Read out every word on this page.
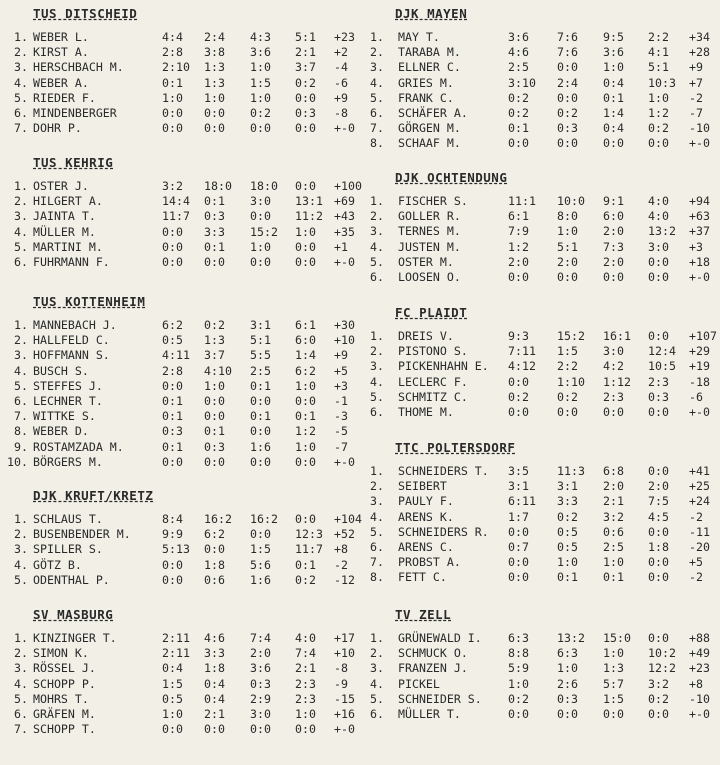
TUS DITSCHEID
1. WEBER L.	4:4 2:4 4:3 5:1 +23
2. KIRST A.	2:8 3:8 3:6 2:1 +2
3. HERSCHBACH M.	2:10 1:3 1:0 3:7 -4
4. WEBER A.	0:1 1:3 1:5 0:2 -6
5. RIEDER F.	1:0 1:0 1:0 0:0 +9
6. MINDENBERGER	0:0 0:0 0:2 0:3 -8
7. DOHR P.	0:0 0:0 0:0 0:0 +-0
TUS KEHRIG
1. OSTER J.	3:2 18:0 18:0 0:0 +100
2. HILGERT A.	14:4 0:1 3:0 13:1 +69
3. JAINTA T.	11:7 0:3 0:0 11:2 +43
4. MÜLLER M.	0:0 3:3 15:2 1:0 +35
5. MARTINI M.	0:0 0:1 1:0 0:0 +1
6. FUHRMANN F.	0:0 0:0 0:0 0:0 +-0
TUS KOTTENHEIM
1. MANNEBACH J.	6:2 0:2 3:1 6:1 +30
2. HALLFELD C.	0:5 1:3 5:1 6:0 +10
3. HOFFMANN S.	4:11 3:7 5:5 1:4 +9
4. BUSCH S.	2:8 4:10 2:5 6:2 +5
5. STEFFES J.	0:0 1:0 0:1 1:0 +3
6. LECHNER T.	0:1 0:0 0:0 0:0 -1
7. WITTKE S.	0:1 0:0 0:1 0:1 -3
8. WEBER D.	0:3 0:1 0:0 1:2 -5
9. ROSTAMZADA M.	0:1 0:3 1:6 1:0 -7
10. BÖRGERS M.	0:0 0:0 0:0 0:0 +-0
DJK KRUFT/KRETZ
1. SCHLAUS T.	8:4 16:2 16:2 0:0 +104
2. BUSENBENDER M.	9:9 6:2 0:0 12:3 +52
3. SPILLER S.	5:13 0:0 1:5 11:7 +8
4. GÖTZ B.	0:0 1:8 5:6 0:1 -2
5. ODENTHAL P.	0:0 0:6 1:6 0:2 -12
SV MASBURG
1. KINZINGER T.	2:11 4:6 7:4 4:0 +17
2. SIMON K.	2:11 3:3 2:0 7:4 +10
3. RÖSSEL J.	0:4 1:8 3:6 2:1 -8
4. SCHOPP P.	1:5 0:4 0:3 2:3 -9
5. MOHRS T.	0:5 0:4 2:9 2:3 -15
6. GRÄFEN M.	1:0 2:1 3:0 1:0 +16
7. SCHOPP T.	0:0 0:0 0:0 0:0 +-0
DJK MAYEN
1. MAY T.	3:6 7:6 9:5 2:2 +34
2. TARABA M.	4:6 7:6 3:6 4:1 +28
3. ELLNER C.	2:5 0:0 1:0 5:1 +9
4. GRIES M.	3:10 2:4 0:4 10:3 +7
5. FRANK C.	0:2 0:0 0:1 1:0 -2
6. SCHÄFER A.	0:2 0:2 1:4 1:2 -7
7. GÖRGEN M.	0:1 0:3 0:4 0:2 -10
8. SCHAAF M.	0:0 0:0 0:0 0:0 +-0
DJK OCHTENDUNG
1. FISCHER S.	11:1 10:0 9:1 4:0 +94
2. GOLLER R.	6:1 8:0 6:0 4:0 +63
3. TERNES M.	7:9 1:0 2:0 13:2 +37
4. JUSTEN M.	1:2 5:1 7:3 3:0 +3
5. OSTER M.	2:0 2:0 2:0 0:0 +18
6. LOOSEN O.	0:0 0:0 0:0 0:0 +-0
FC PLAIDT
1. DREIS V.	9:3 15:2 16:1 0:0 +107
2. PISTONO S.	7:11 1:5 3:0 12:4 +29
3. PICKENHAHN E. 4:12 2:2 4:2 10:5 +19
4. LECLERC F.	0:0 1:10 1:12 2:3 -18
5. SCHMITZ C.	0:2 0:2 2:3 0:3 -6
6. THOME M.	0:0 0:0 0:0 0:0 +-0
TTC POLTERSDORF
1. SCHNEIDERS T. 3:5 11:3 6:8 0:0 +41
2. SEIBERT	3:1 3:1 2:0 2:0 +25
3. PAULY F.	6:11 3:3 2:1 7:5 +24
4. ARENS K.	1:7 0:2 3:2 4:5 -2
5. SCHNEIDERS R. 0:0 0:5 0:6 0:0 -11
6. ARENS C.	0:7 0:5 2:5 1:8 -20
7. PROBST A.	0:0 1:0 1:0 0:0 +5
8. FETT C.	0:0 0:1 0:1 0:0 -2
TV ZELL
1. GRÜNEWALD I. 6:3 13:2 15:0 0:0 +88
2. SCHMUCK O.	8:8 6:3 1:0 10:2 +49
3. FRANZEN J.	5:9 1:0 1:3 12:2 +23
4. PICKEL	1:0 2:6 5:7 3:2 +8
5. SCHNEIDER S. 0:2 0:3 1:5 0:2 -10
6. MÜLLER T.	0:0 0:0 0:0 0:0 +-0
